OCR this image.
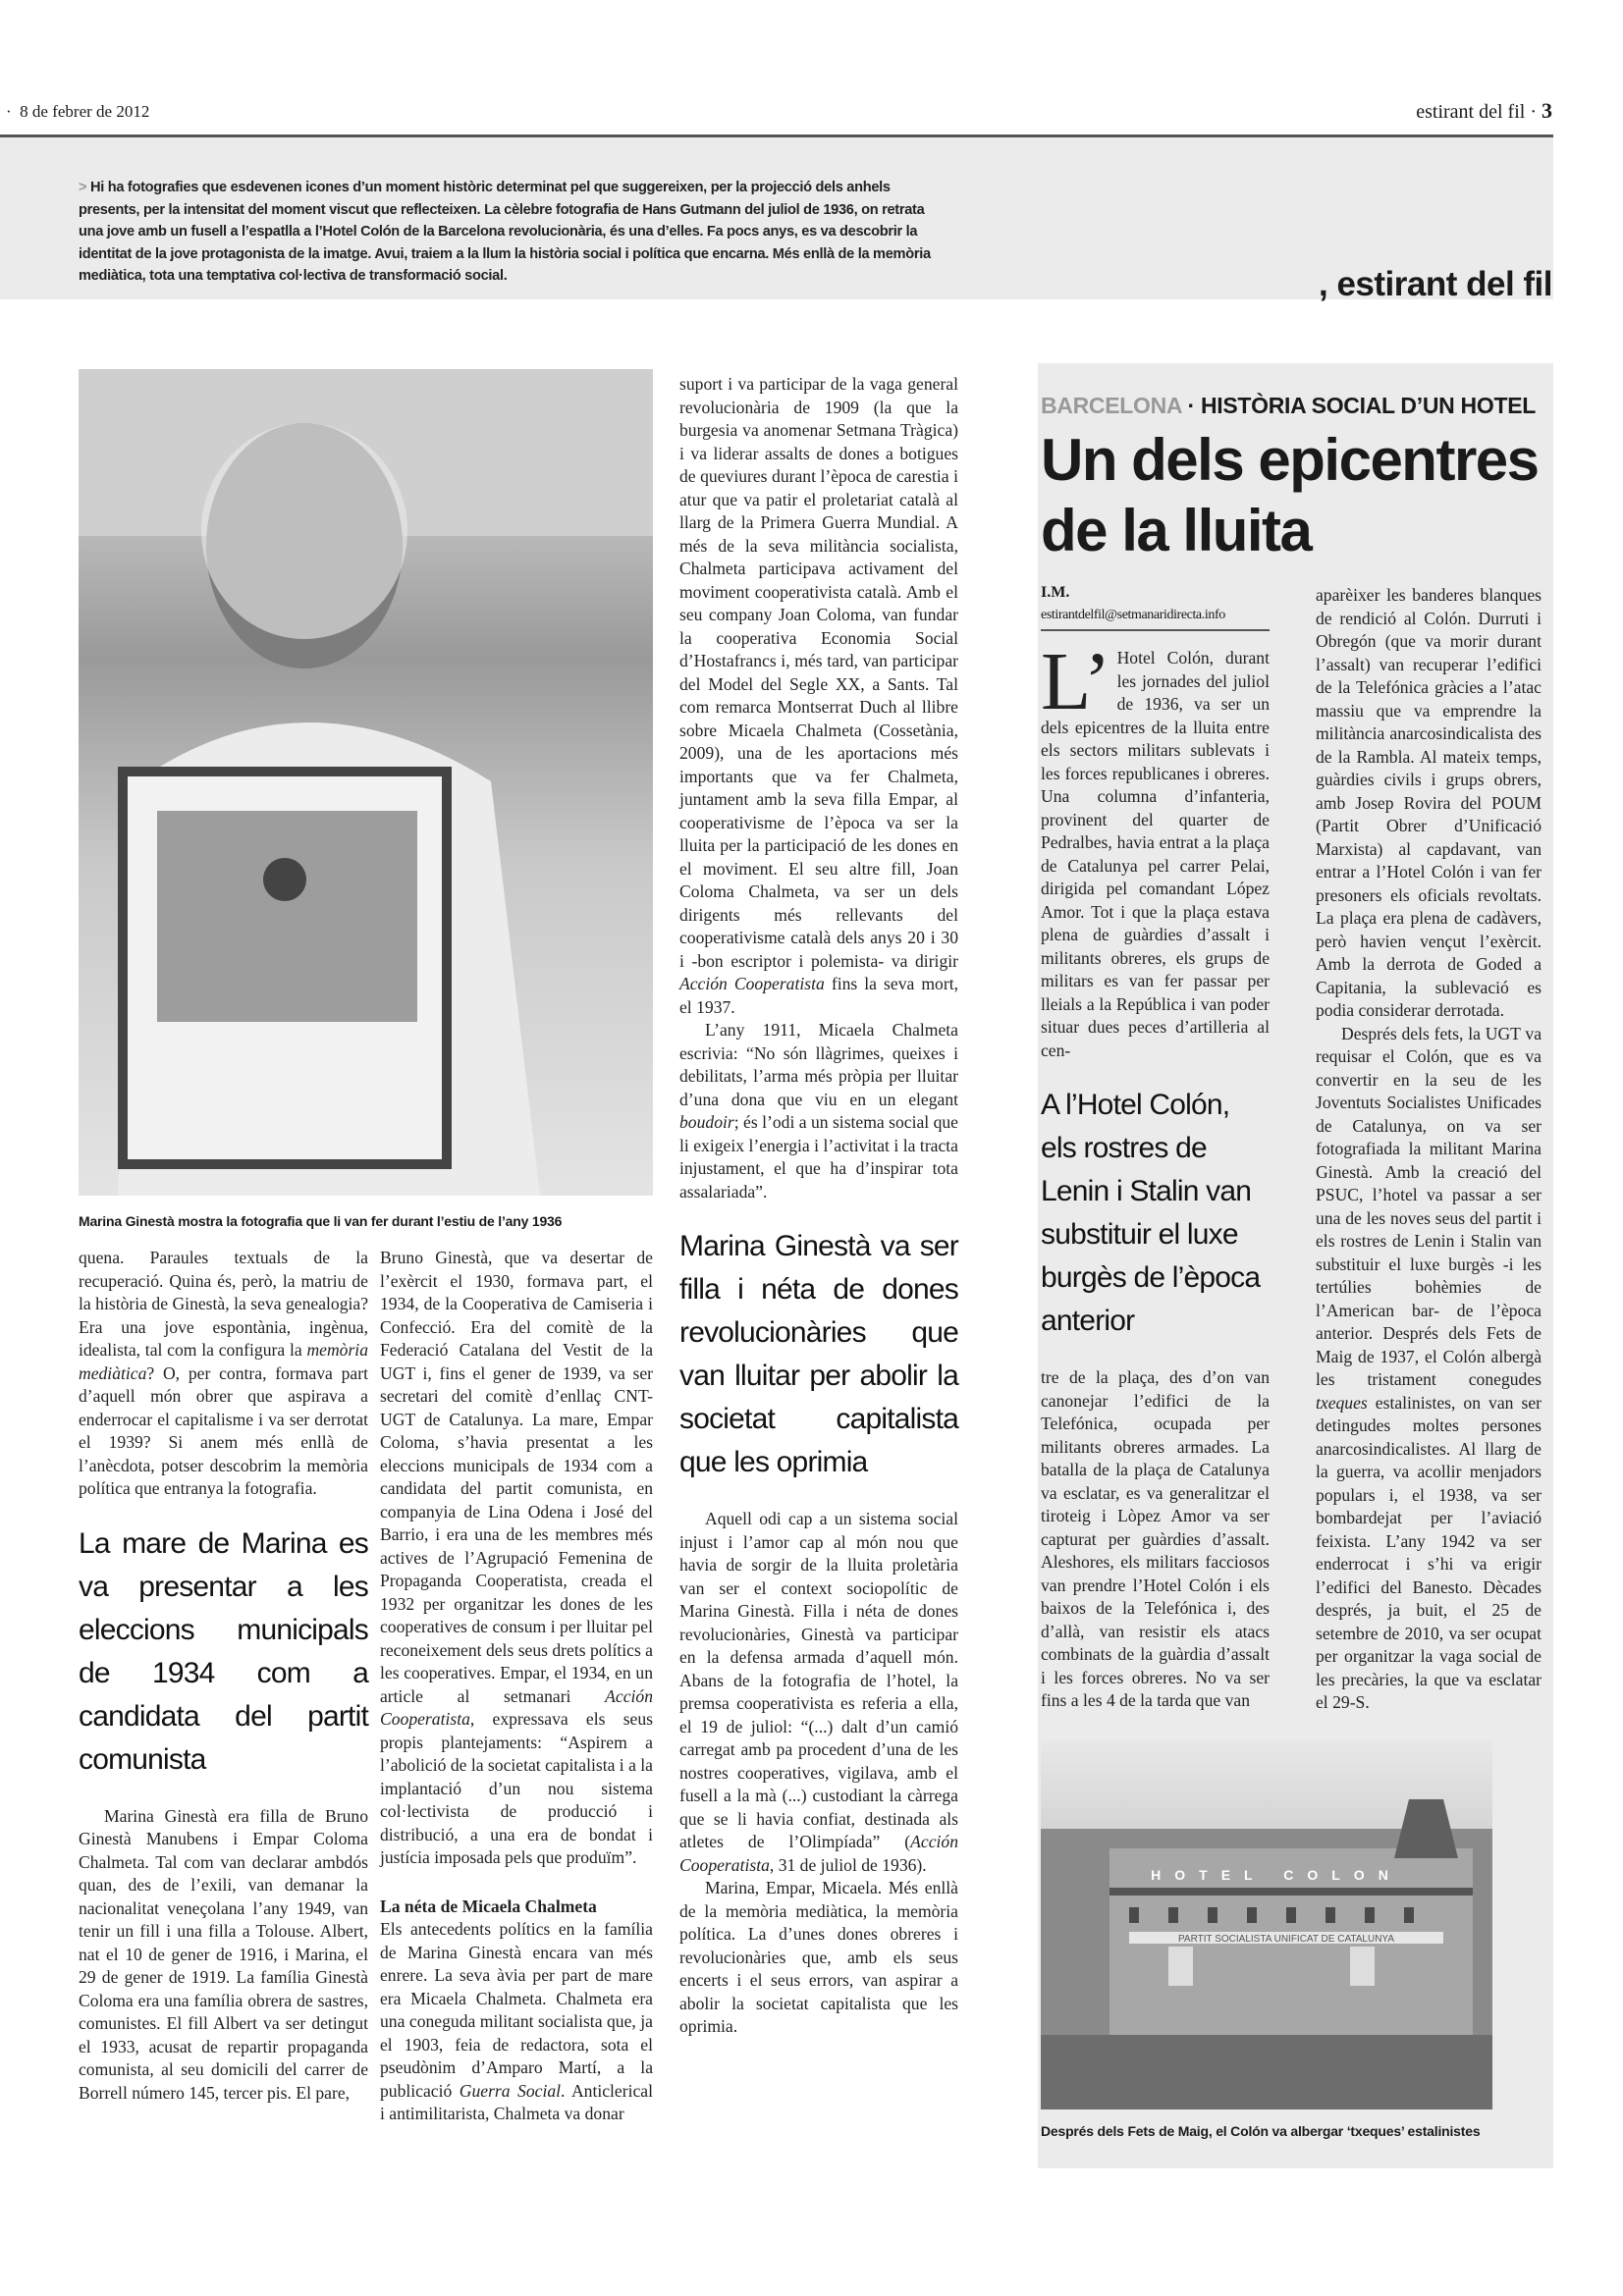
· 8 de febrer de 2012	estirant del fil · 3
> Hi ha fotografies que esdevenen icones d’un moment històric determinat pel que suggereixen, per la projecció dels anhels presents, per la intensitat del moment viscut que reflecteixen. La cèlebre fotografia de Hans Gutmann del juliol de 1936, on retrata una jove amb un fusell a l’espatlla a l’Hotel Colón de la Barcelona revolucionària, és una d’elles. Fa pocs anys, es va descobrir la identitat de la jove protagonista de la imatge. Avui, traiem a la llum la història social i política que encarna. Més enllà de la memòria mediàtica, tota una temptativa col·lectiva de transformació social.	, estirant del fil
Marina Ginestà mostra la fotografia que li van fer durant l’estiu de l’any 1936

quena. Paraules textuals de la recuperació. Quina és, però, la matriu de la història de Ginestà, la seva genealogia? Era una jove espontània, ingènua, idealista, tal com la configura la memòria mediàtica? O, per contra, formava part d’aquell món obrer que aspirava a enderrocar el capitalisme i va ser derrotat el 1939? Si anem més enllà de l’anècdota, potser descobrim la memòria política que entranya la fotografia.

La mare de Marina es va presentar a les eleccions municipals de 1934 com a candidata del partit comunista

Marina Ginestà era filla de Bruno Ginestà Manubens i Empar Coloma Chalmeta. Tal com van declarar ambdós quan, des de l’exili, van demanar la nacionalitat veneçolana l’any 1949, van tenir un fill i una filla a Tolouse. Albert, nat el 10 de gener de 1916, i Marina, el 29 de gener de 1919. La família Ginestà Coloma era una família obrera de sastres, comunistes. El fill Albert va ser detingut el 1933, acusat de repartir propaganda comunista, al seu domicili del carrer de Borrell número 145, tercer pis. El pare,

Bruno Ginestà, que va desertar de l’exèrcit el 1930, formava part, el 1934, de la Cooperativa de Camiseria i Confecció. Era del comitè de la Federació Catalana del Vestit de la UGT i, fins el gener de 1939, va ser secretari del comitè d’enllaç CNT-UGT de Catalunya. La mare, Empar Coloma, s’havia presentat a les eleccions municipals de 1934 com a candidata del partit comunista, en companyia de Lina Odena i José del Barrio, i era una de les membres més actives de l’Agrupació Femenina de Propaganda Cooperatista, creada el 1932 per organitzar les dones de les cooperatives de consum i per lluitar pel reconeixement dels seus drets polítics a les cooperatives. Empar, el 1934, en un article al setmanari Acción Cooperatista, expressava els seus propis plantejaments: “Aspirem a l’abolició de la societat capitalista i a la implantació d’un nou sistema col·lectivista de producció i distribució, a una era de bondat i justícia imposada pels que produïm”.

La néta de Micaela Chalmeta

Els antecedents polítics en la família de Marina Ginestà encara van més enrere. La seva àvia per part de mare era Micaela Chalmeta. Chalmeta era una coneguda militant socialista que, ja el 1903, feia de redactora, sota el pseudònim d’Amparo Martí, a la publicació Guerra Social. Anticlerical i antimilitarista, Chalmeta va donar

suport i va participar de la vaga general revolucionària de 1909 (la que la burgesia va anomenar Setmana Tràgica) i va liderar assalts de dones a botigues de queviures durant l’època de carestia i atur que va patir el proletariat català al llarg de la Primera Guerra Mundial. A més de la seva militància socialista, Chalmeta participava activament del moviment cooperativista català. Amb el seu company Joan Coloma, van fundar la cooperativa Economia Social d’Hostafrancs i, més tard, van participar del Model del Segle XX, a Sants. Tal com remarca Montserrat Duch al llibre sobre Micaela Chalmeta (Cossetània, 2009), una de les aportacions més importants que va fer Chalmeta, juntament amb la seva filla Empar, al cooperativisme de l’època va ser la lluita per la participació de les dones en el moviment. El seu altre fill, Joan Coloma Chalmeta, va ser un dels dirigents més rellevants del cooperativisme català dels anys 20 i 30 i -bon escriptor i polemista- va dirigir Acción Cooperatista fins la seva mort, el 1937.

L’any 1911, Micaela Chalmeta escrivia: “No són llàgrimes, queixes i debilitats, l’arma més pròpia per lluitar d’una dona que viu en un elegant boudoir; és l’odi a un sistema social que li exigeix l’energia i l’activitat i la tracta injustament, el que ha d’inspirar tota assalariada”.

Marina Ginestà va ser filla i néta de dones revolucionàries que van lluitar per abolir la societat capitalista que les oprimia

Aquell odi cap a un sistema social injust i l’amor cap al món nou que havia de sorgir de la lluita proletària van ser el context sociopolític de Marina Ginestà. Filla i néta de dones revolucionàries, Ginestà va participar en la defensa armada d’aquell món. Abans de la fotografia de l’hotel, la premsa cooperativista es referia a ella, el 19 de juliol: “(...) dalt d’un camió carregat amb pa procedent d’una de les nostres cooperatives, vigilava, amb el fusell a la mà (...) custodiant la càrrega que se li havia confiat, destinada als atletes de l’Olimpíada” (Acción Cooperatista, 31 de juliol de 1936).

Marina, Empar, Micaela. Més enllà de la memòria mediàtica, la memòria política. La d’unes dones obreres i revolucionàries que, amb els seus encerts i el seus errors, van aspirar a abolir la societat capitalista que les oprimia.

BARCELONA · HISTÒRIA SOCIAL D’UN HOTEL
Un dels epicentres de la lluita
I.M.
estirantdelfil@setmanaridirecta.info

L’ Hotel Colón, durant les jornades del juliol de 1936, va ser un dels epicentres de la lluita entre els sectors militars sublevats i les forces republicanes i obreres. Una columna d’infanteria, provinent del quarter de Pedralbes, havia entrat a la plaça de Catalunya pel carrer Pelai, dirigida pel comandant López Amor. Tot i que la plaça estava plena de guàrdies d’assalt i militants obreres, els grups de militars es van fer passar per lleials a la República i van poder situar dues peces d’artilleria al cen-

A l’Hotel Colón, els rostres de Lenin i Stalin van substituir el luxe burgès de l’època anterior
tre de la plaça, des d’on van canonejar l’edifici de la Telefónica, ocupada per militants obreres armades. La batalla de la plaça de Catalunya va esclatar, es va generalitzar el tiroteig i Lòpez Amor va ser capturat per guàrdies d’assalt. Aleshores, els militars facciosos van prendre l’Hotel Colón i els baixos de la Telefónica i, des d’allà, van resistir els atacs combinats de la guàrdia d’assalt i les forces obreres. No va ser fins a les 4 de la tarda que van
aparèixer les banderes blanques de rendició al Colón. Durruti i Obregón (que va morir durant l’assalt) van recuperar l’edifici de la Telefónica gràcies a l’atac massiu que va emprendre la militància anarcosindicalista des de la Rambla. Al mateix temps, guàrdies civils i grups obrers, amb Josep Rovira del POUM (Partit Obrer d’Unificació Marxista) al capdavant, van entrar a l’Hotel Colón i van fer presoners els oficials revoltats. La plaça era plena de cadàvers, però havien vençut l’exèrcit. Amb la derrota de Goded a Capitania, la sublevació es podia considerar derrotada.

Després dels fets, la UGT va requisar el Colón, que es va convertir en la seu de les Joventuts Socialistes Unificades de Catalunya, on va ser fotografiada la militant Marina Ginestà. Amb la creació del PSUC, l’hotel va passar a ser una de les noves seus del partit i els rostres de Lenin i Stalin van substituir el luxe burgès -i les tertúlies bohèmies de l’American bar- de l’època anterior. Després dels Fets de Maig de 1937, el Colón albergà les tristament conegudes txeques estalinistes, on van ser detingudes moltes persones anarcosindicalistes. Al llarg de la guerra, va acollir menjadors populars i, el 1938, va ser bombardejat per l’aviació feixista. L’any 1942 va ser enderrocat i s’hi va erigir l’edifici del Banesto. Dècades després, ja buit, el 25 de setembre de 2010, va ser ocupat per organitzar la vaga social de les precàries, la que va esclatar el 29-S.

PARTIT SOCIALISTA UNIFICAT DE CATALUNYA
HOTEL COLON
Després dels Fets de Maig, el Colón va albergar ‘txeques’ estalinistes
